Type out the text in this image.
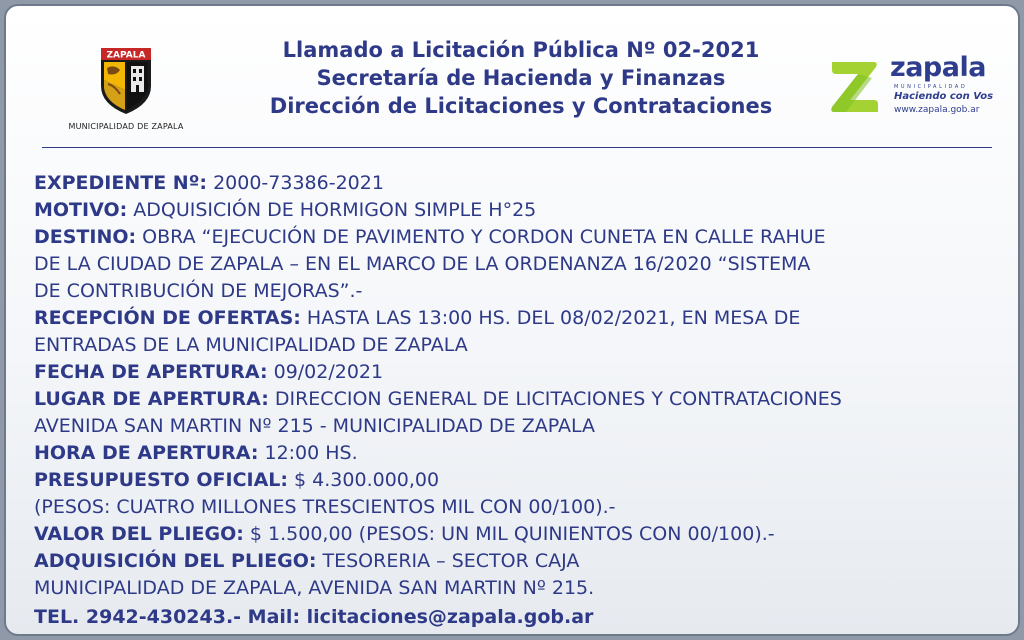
ZAPALA
MUNICIPALIDAD DE ZAPALA
Llamado a Licitación Pública Nº 02-2021
Secretaría de Hacienda y Finanzas
Dirección de Licitaciones y Contrataciones
zapala
MUNICIPALIDAD
Haciendo con Vos
www.zapala.gob.ar
EXPEDIENTE Nº: 2000-73386-2021
MOTIVO: ADQUISICIÓN DE HORMIGON SIMPLE H°25
DESTINO: OBRA “EJECUCIÓN DE PAVIMENTO Y CORDON CUNETA EN CALLE RAHUE
DE LA CIUDAD DE ZAPALA – EN EL MARCO DE LA ORDENANZA 16/2020 “SISTEMA
DE CONTRIBUCIÓN DE MEJORAS”.-
RECEPCIÓN DE OFERTAS: HASTA LAS 13:00 HS. DEL 08/02/2021, EN MESA DE
ENTRADAS DE LA MUNICIPALIDAD DE ZAPALA
FECHA DE APERTURA: 09/02/2021
LUGAR DE APERTURA: DIRECCION GENERAL DE LICITACIONES Y CONTRATACIONES
AVENIDA SAN MARTIN Nº 215 - MUNICIPALIDAD DE ZAPALA
HORA DE APERTURA: 12:00 HS.
PRESUPUESTO OFICIAL: $ 4.300.000,00
(PESOS: CUATRO MILLONES TRESCIENTOS MIL CON 00/100).-
VALOR DEL PLIEGO: $ 1.500,00 (PESOS: UN MIL QUINIENTOS CON 00/100).-
ADQUISICIÓN DEL PLIEGO: TESORERIA – SECTOR CAJA
MUNICIPALIDAD DE ZAPALA, AVENIDA SAN MARTIN Nº 215.
TEL. 2942-430243.- Mail: licitaciones@zapala.gob.ar
